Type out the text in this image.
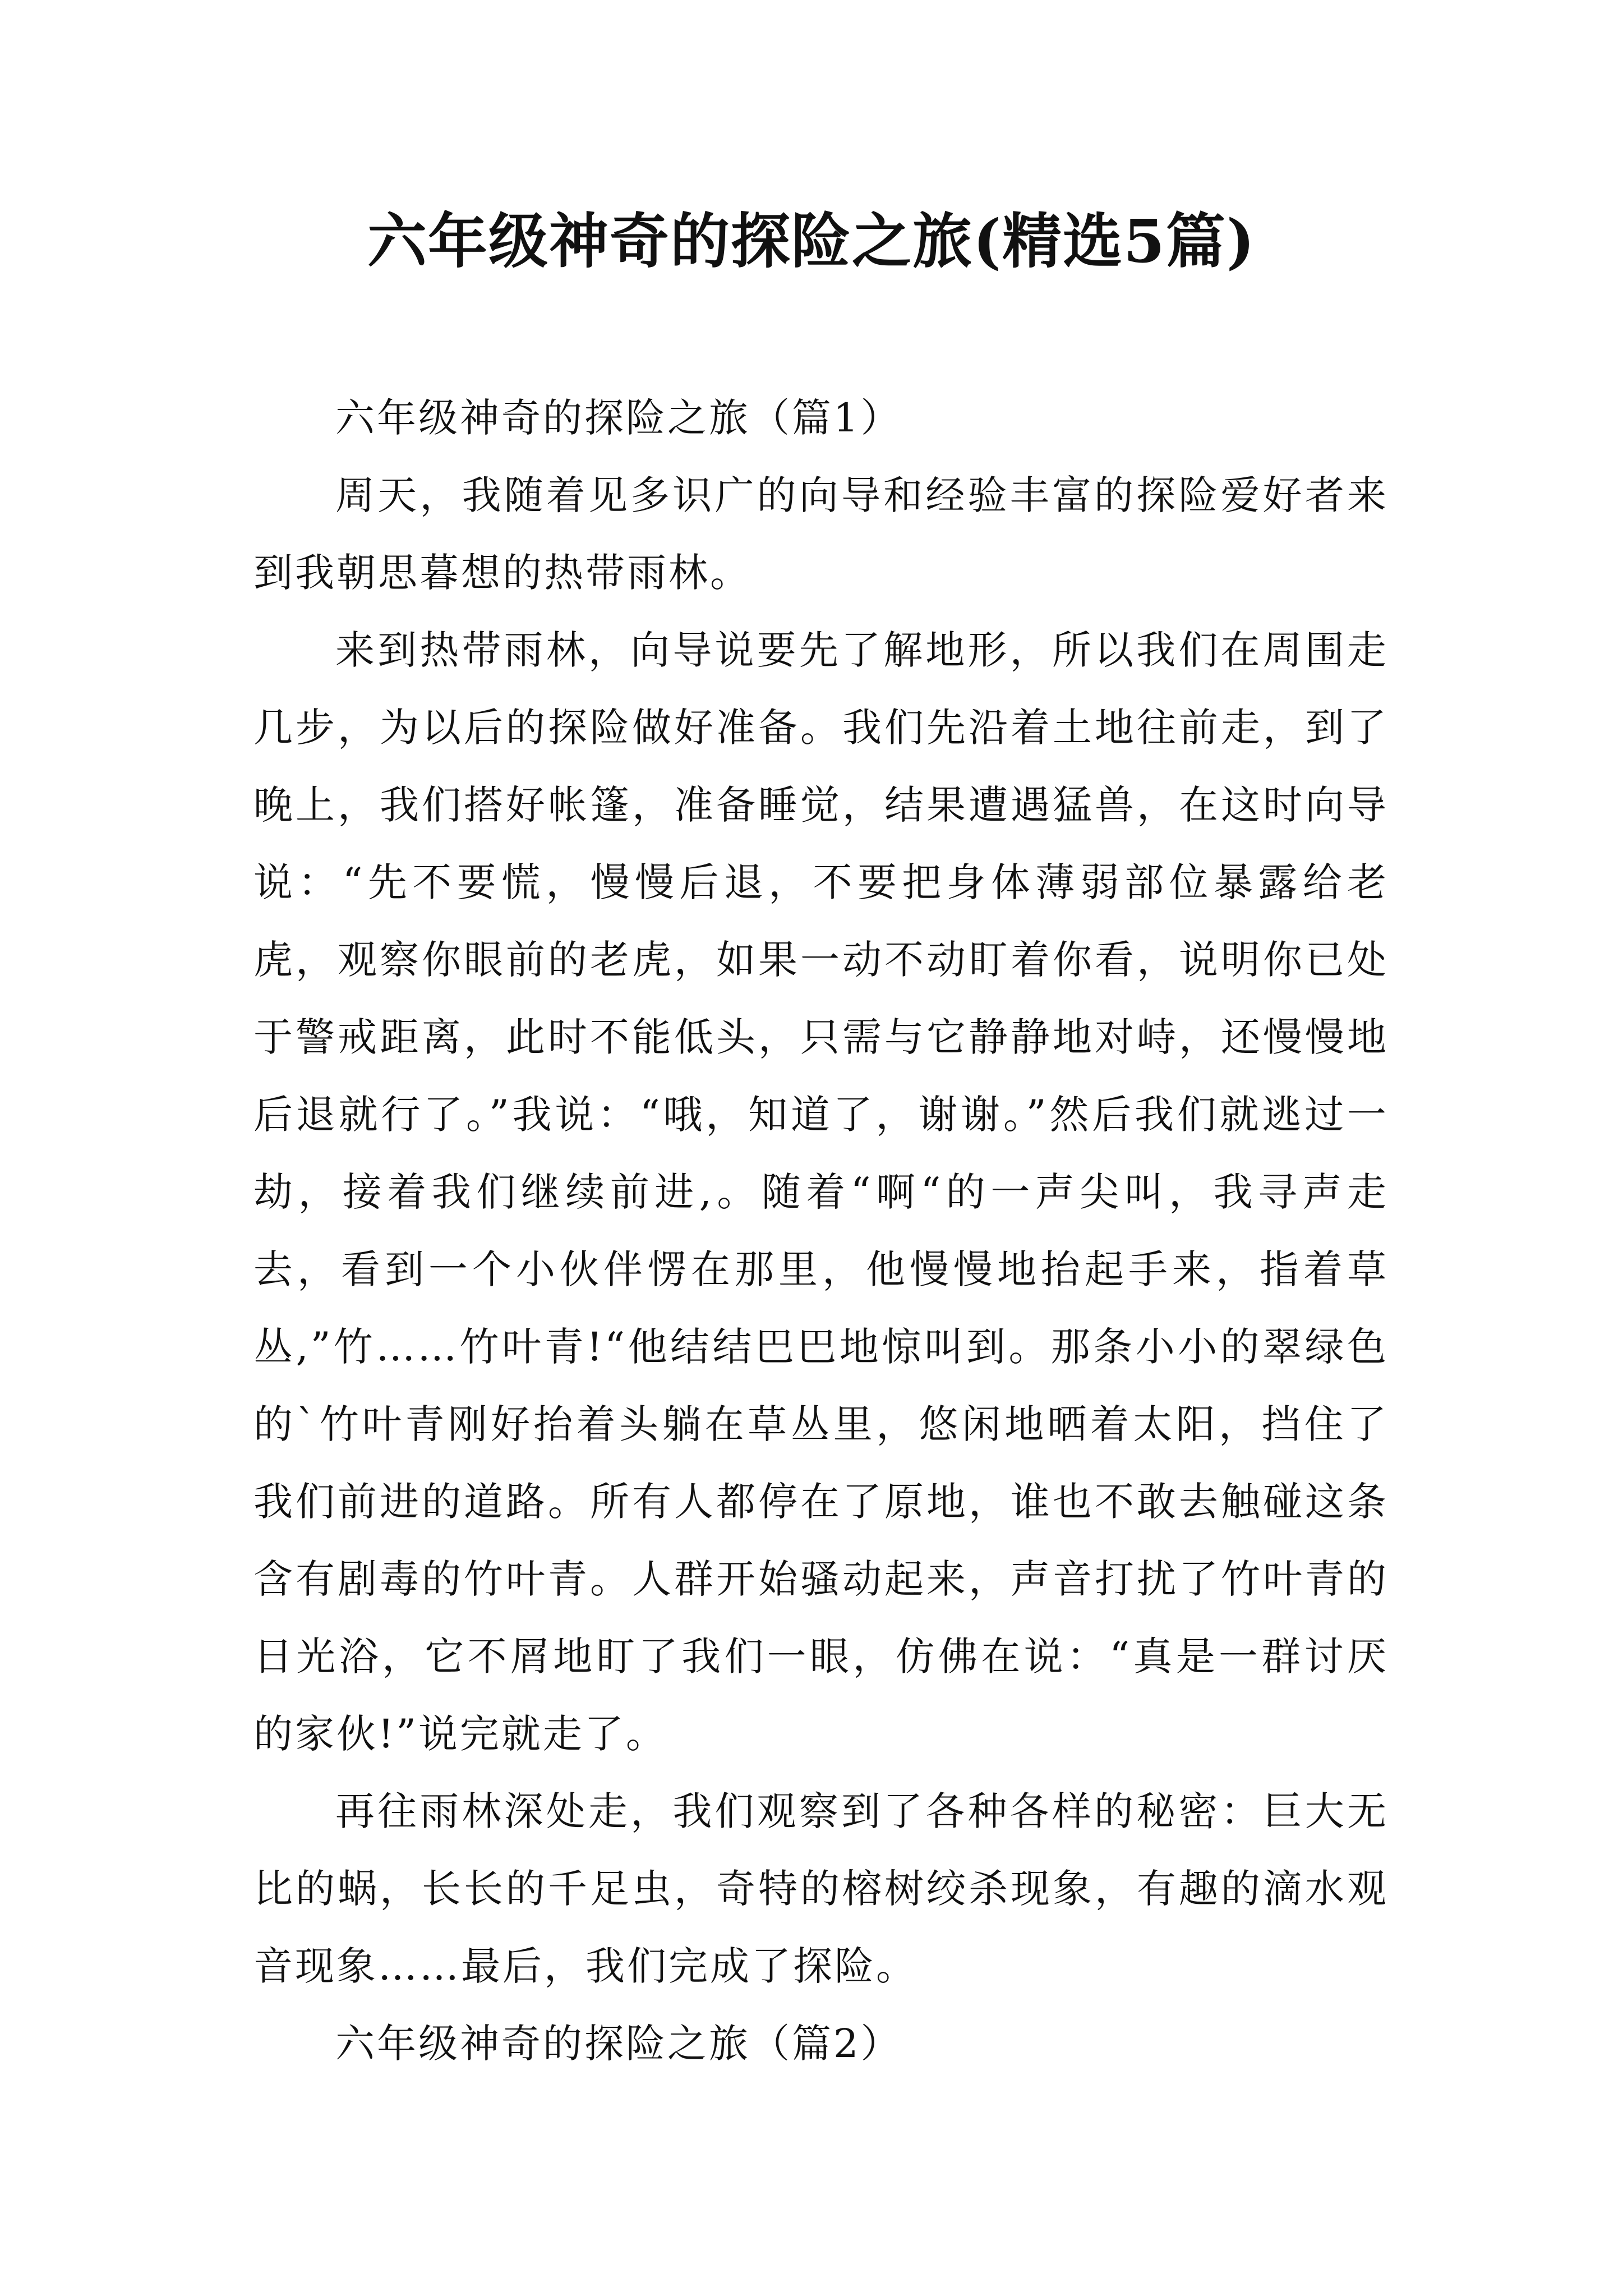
六年级神奇的探险之旅(精选5篇)

六年级神奇的探险之旅（篇1）

周天，我随着见多识广的向导和经验丰富的探险爱好者来到我朝思暮想的热带雨林。

来到热带雨林，向导说要先了解地形，所以我们在周围走几步，为以后的探险做好准备。我们先沿着土地往前走，到了晚上，我们搭好帐篷，准备睡觉，结果遭遇猛兽，在这时向导说：“先不要慌，慢慢后退，不要把身体薄弱部位暴露给老虎，观察你眼前的老虎，如果一动不动盯着你看，说明你已处于警戒距离，此时不能低头，只需与它静静地对峙，还慢慢地后退就行了。”我说：“哦，知道了，谢谢。”然后我们就逃过一劫，接着我们继续前进,。随着“啊“的一声尖叫，我寻声走去，看到一个小伙伴愣在那里，他慢慢地抬起手来，指着草丛,”竹……竹叶青!“他结结巴巴地惊叫到。那条小小的翠绿色的`竹叶青刚好抬着头躺在草丛里，悠闲地晒着太阳，挡住了我们前进的道路。所有人都停在了原地，谁也不敢去触碰这条含有剧毒的竹叶青。人群开始骚动起来，声音打扰了竹叶青的日光浴，它不屑地盯了我们一眼，仿佛在说：“真是一群讨厌的家伙!”说完就走了。

再往雨林深处走，我们观察到了各种各样的秘密：巨大无比的蜗，长长的千足虫，奇特的榕树绞杀现象，有趣的滴水观音现象……最后，我们完成了探险。

六年级神奇的探险之旅（篇2）
